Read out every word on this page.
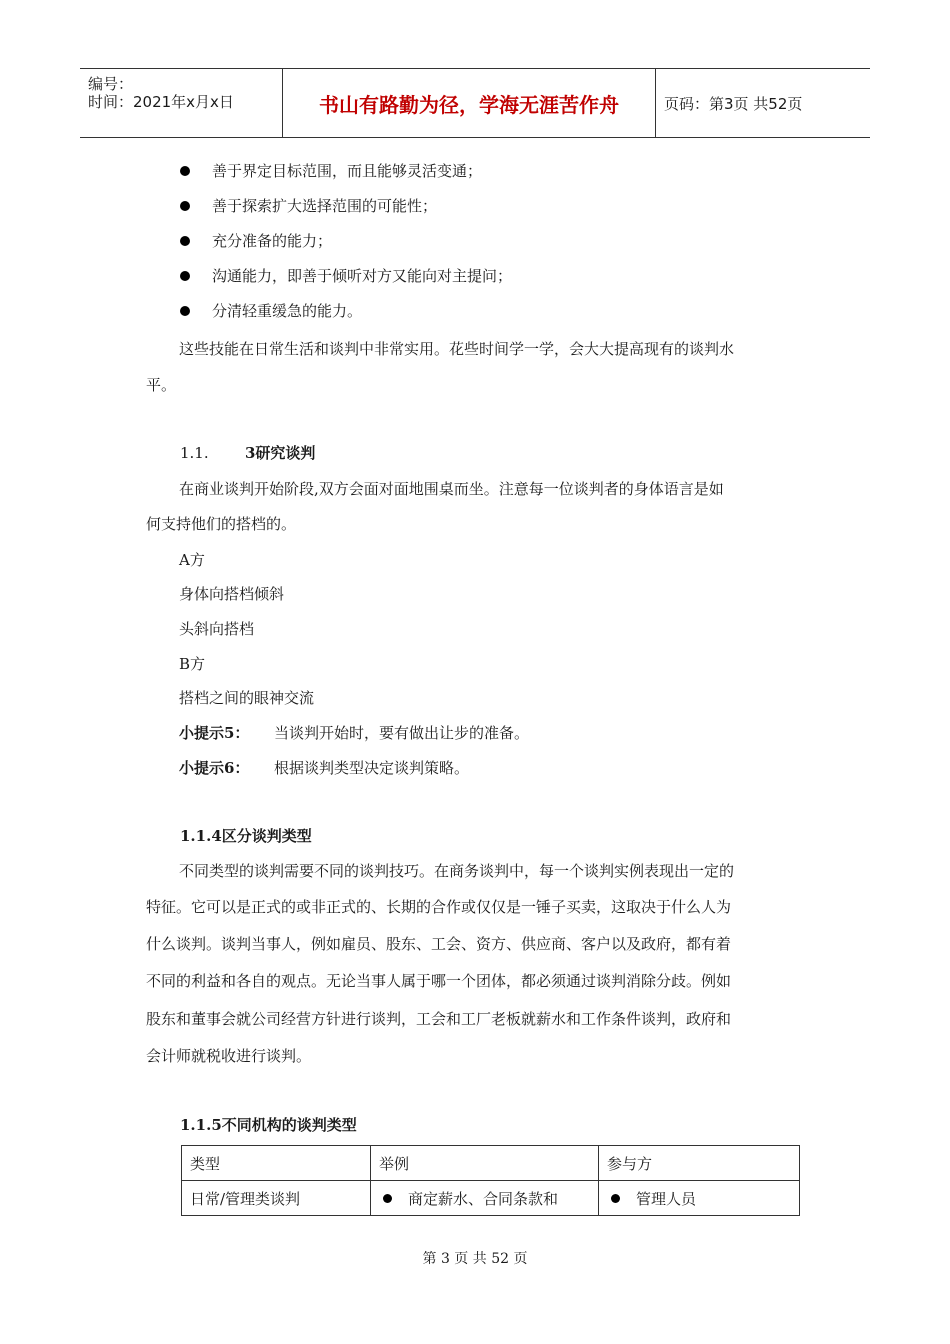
编号：
时间：2021年x月x日	书山有路勤为径，学海无涯苦作舟	页码：第3页 共52页
善于界定目标范围，而且能够灵活变通；
善于探索扩大选择范围的可能性；
充分准备的能力；
沟通能力，即善于倾听对方又能向对主提问；
分清轻重缓急的能力。
这些技能在日常生活和谈判中非常实用。花些时间学一学，会大大提高现有的谈判水
平。
1.1. 3研究谈判
在商业谈判开始阶段,双方会面对面地围桌而坐。注意每一位谈判者的身体语言是如
何支持他们的搭档的。
A方
身体向搭档倾斜
头斜向搭档
B方
搭档之间的眼神交流
小提示5： 当谈判开始时，要有做出让步的准备。
小提示6： 根据谈判类型决定谈判策略。
1.1.4区分谈判类型
不同类型的谈判需要不同的谈判技巧。在商务谈判中，每一个谈判实例表现出一定的
特征。它可以是正式的或非正式的、长期的合作或仅仅是一锤子买卖，这取决于什么人为
什么谈判。谈判当事人，例如雇员、股东、工会、资方、供应商、客户以及政府，都有着
不同的利益和各自的观点。无论当事人属于哪一个团体，都必须通过谈判消除分歧。例如
股东和董事会就公司经营方针进行谈判，工会和工厂老板就薪水和工作条件谈判，政府和
会计师就税收进行谈判。
1.1.5不同机构的谈判类型
类型	举例	参与方
日常/管理类谈判	商定薪水、合同条款和	管理人员
第 3 页 共 52 页
